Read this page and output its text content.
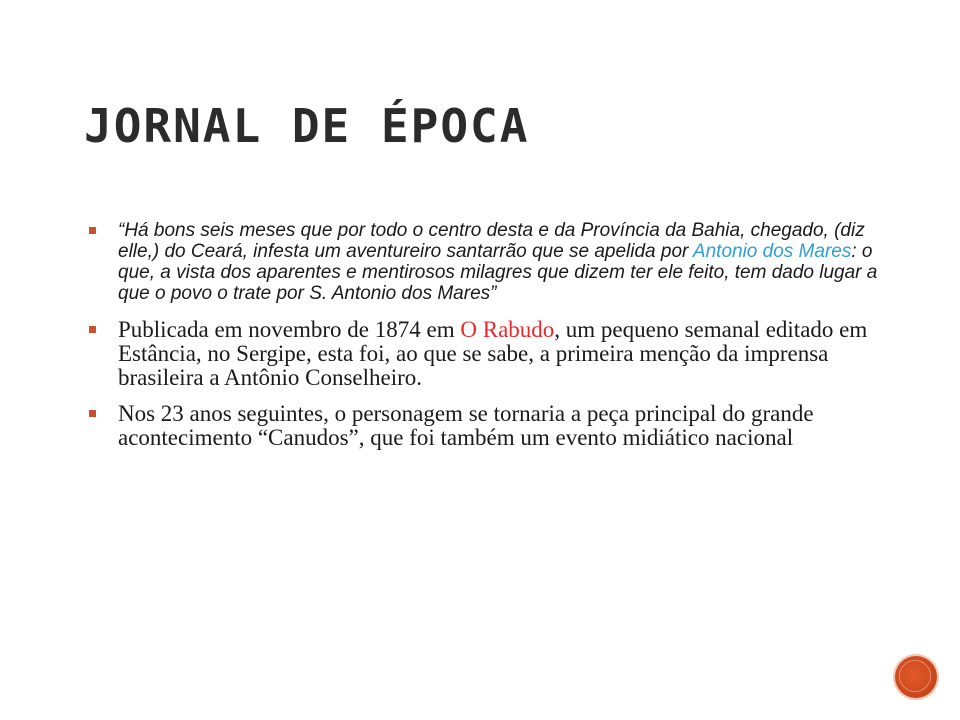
JORNAL DE ÉPOCA
“Há bons seis meses que por todo o centro desta e da Província da Bahia, chegado, (diz elle,) do Ceará, infesta um aventureiro santarrão que se apelida por Antonio dos Mares: o que, a vista dos aparentes e mentirosos milagres que dizem ter ele feito, tem dado lugar a que o povo o trate por S. Antonio dos Mares”
Publicada em novembro de 1874 em O Rabudo, um pequeno semanal editado em Estância, no Sergipe, esta foi, ao que se sabe, a primeira menção da imprensa brasileira a Antônio Conselheiro.
Nos 23 anos seguintes, o personagem se tornaria a peça principal do grande acontecimento “Canudos”, que foi também um evento midiático nacional
